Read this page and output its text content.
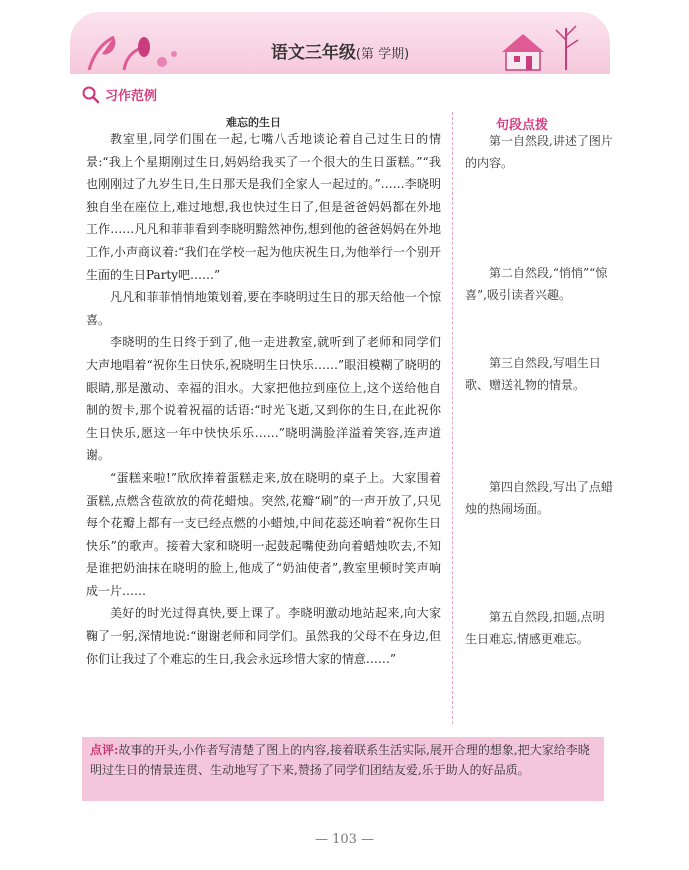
语文三年级(第 学期)
习作范例
难忘的生日	句段点拨

教室里,同学们围在一起,七嘴八舌地谈论着自己过生日的情景:“我上个星期刚过生日,妈妈给我买了一个很大的生日蛋糕。”“我也刚刚过了九岁生日,生日那天是我们全家人一起过的。”……李晓明独自坐在座位上,难过地想,我也快过生日了,但是爸爸妈妈都在外地工作……凡凡和菲菲看到李晓明黯然神伤,想到他的爸爸妈妈在外地工作,小声商议着:“我们在学校一起为他庆祝生日,为他举行一个别开生面的生日Party吧……”

凡凡和菲菲悄悄地策划着,要在李晓明过生日的那天给他一个惊喜。

李晓明的生日终于到了,他一走进教室,就听到了老师和同学们大声地唱着“祝你生日快乐,祝晓明生日快乐……”眼泪模糊了晓明的眼睛,那是激动、幸福的泪水。大家把他拉到座位上,这个送给他自制的贺卡,那个说着祝福的话语:“时光飞逝,又到你的生日,在此祝你生日快乐,愿这一年中快快乐乐……”晓明满脸洋溢着笑容,连声道谢。

“蛋糕来啦!”欣欣捧着蛋糕走来,放在晓明的桌子上。大家围着蛋糕,点燃含苞欲放的荷花蜡烛。突然,花瓣“刷”的一声开放了,只见每个花瓣上都有一支已经点燃的小蜡烛,中间花蕊还响着“祝你生日快乐”的歌声。接着大家和晓明一起鼓起嘴使劲向着蜡烛吹去,不知是谁把奶油抹在晓明的脸上,他成了“奶油使者”,教室里顿时笑声响成一片……

美好的时光过得真快,要上课了。李晓明激动地站起来,向大家鞠了一躬,深情地说:“谢谢老师和同学们。虽然我的父母不在身边,但你们让我过了个难忘的生日,我会永远珍惜大家的情意……”

第一自然段,讲述了图片的内容。
第二自然段,“悄悄”“惊喜”,吸引读者兴趣。
第三自然段,写唱生日歌、赠送礼物的情景。
第四自然段,写出了点蜡烛的热闹场面。
第五自然段,扣题,点明生日难忘,情感更难忘。
点评:故事的开头,小作者写清楚了图上的内容,接着联系生活实际,展开合理的想象,把大家给李晓明过生日的情景连贯、生动地写了下来,赞扬了同学们团结友爱,乐于助人的好品质。
— 103 —
